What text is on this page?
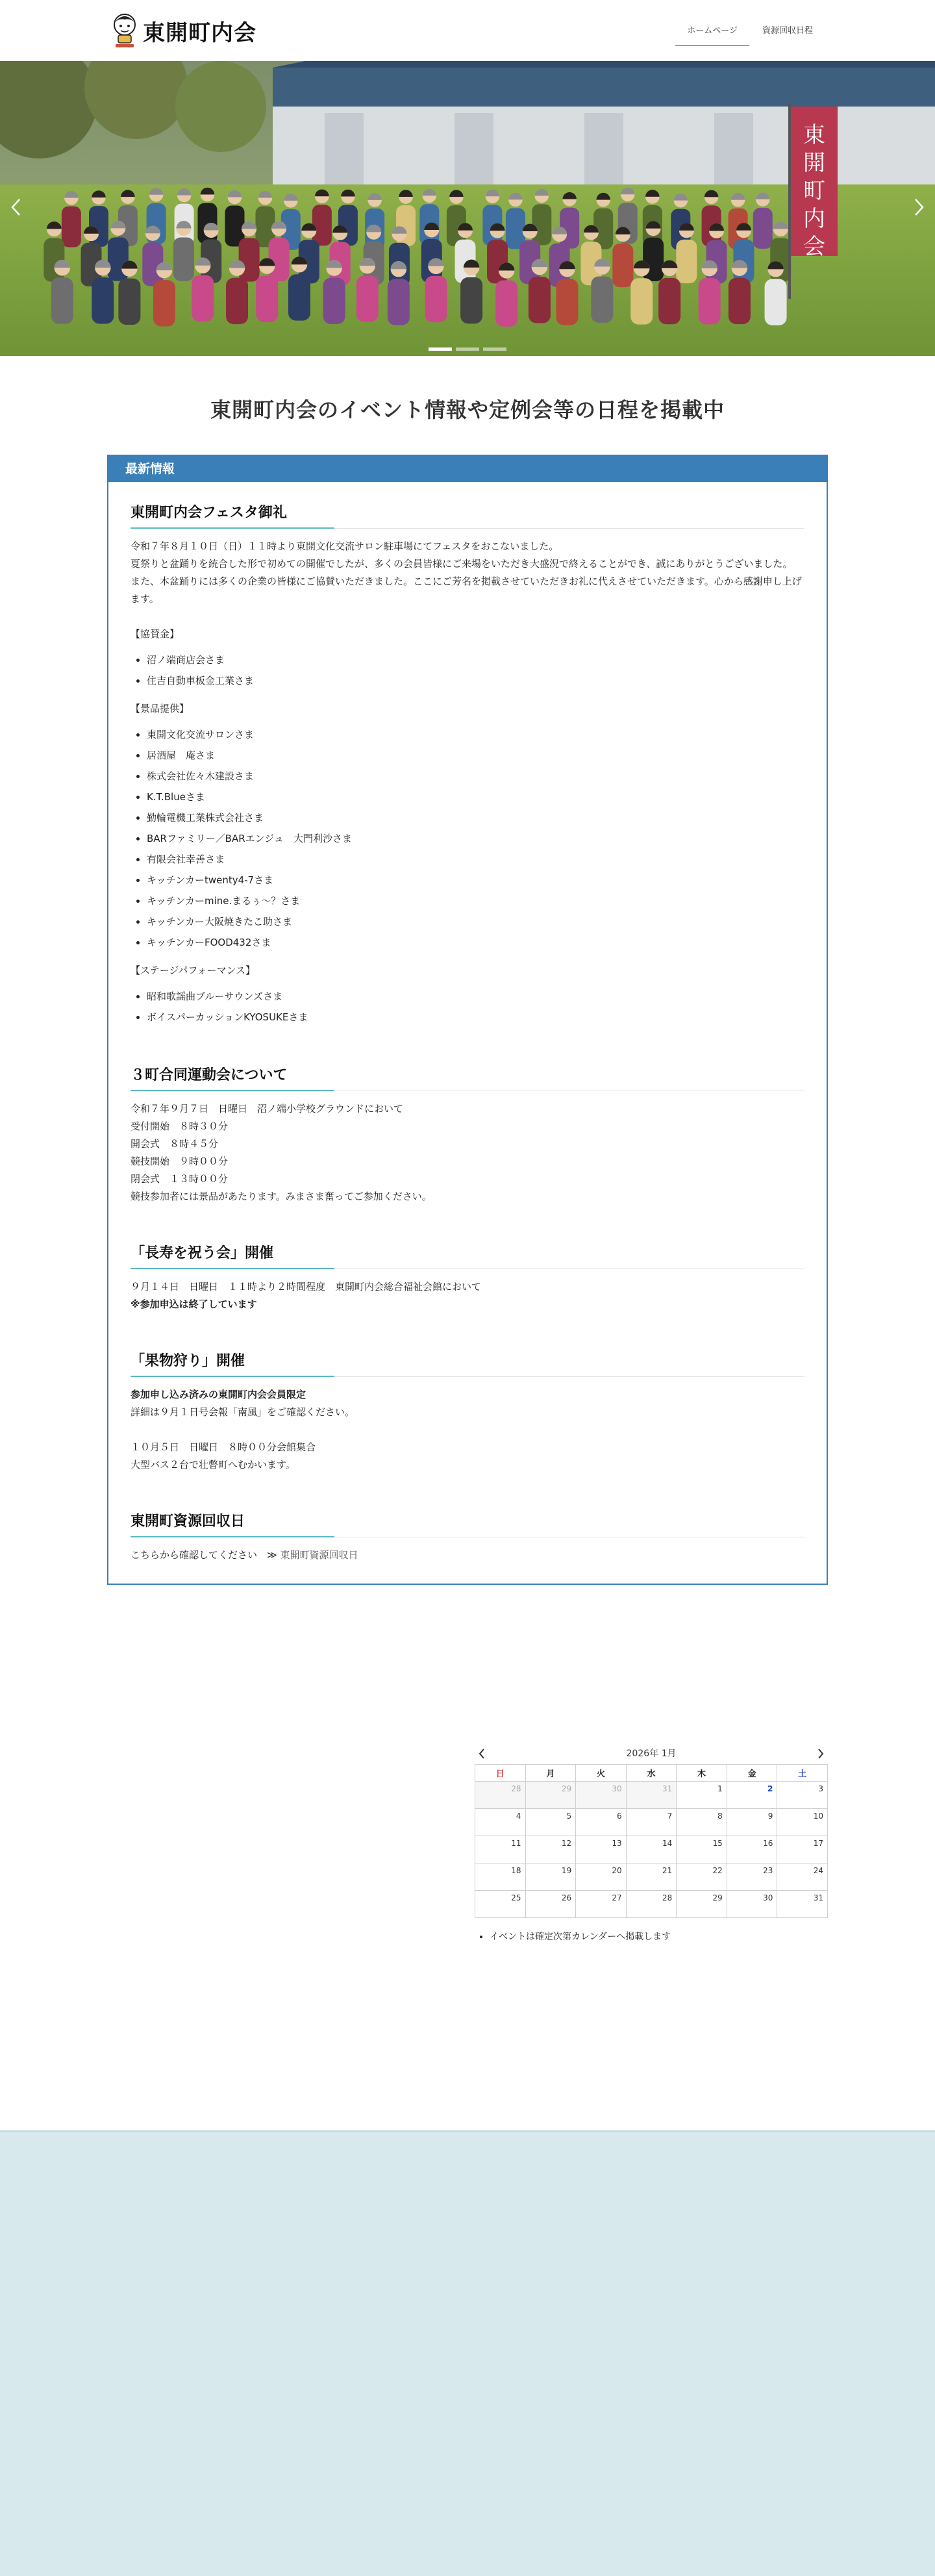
東開町内会	ホームページ	資源回収日程
東
開
町
内
会
東開町内会のイベント情報や定例会等の日程を掲載中
最新情報
東開町内会フェスタ御礼

令和７年８月１０日（日）１１時より東開文化交流サロン駐車場にてフェスタをおこないました。

夏祭りと盆踊りを統合した形で初めての開催でしたが、多くの会員皆様にご来場をいただき大盛況で終えることができ、誠にありがとうございました。

また、本盆踊りには多くの企業の皆様にご協賛いただきました。ここにご芳名を掲載させていただきお礼に代えさせていただきます。心から感謝申し上げます。

【協賛金】

• 沼ノ端商店会さま
• 住吉自動車板金工業さま

【景品提供】

• 東開文化交流サロンさま
• 居酒屋　庵さま
• 株式会社佐々木建設さま
• K.T.Blueさま
• 勤輪電機工業株式会社さま
• BARファミリー／BARエンジュ　大門利沙さま
• 有限会社幸善さま
• キッチンカーtwenty4-7さま
• キッチンカーmine.まるぅ〜？さま
• キッチンカー大阪焼きたこ助さま
• キッチンカーFOOD432さま

【ステージパフォーマンス】

• 昭和歌謡曲ブルーサウンズさま
• ボイスパーカッションKYOSUKEさま
３町合同運動会について

令和７年９月７日　日曜日　沼ノ端小学校グラウンドにおいて

受付開始　８時３０分

開会式　８時４５分

競技開始　９時００分

閉会式　１３時００分

競技参加者には景品があたります。みまさま奮ってご参加ください。

「長寿を祝う会」開催

９月１４日　日曜日　１１時より２時間程度　東開町内会総合福祉会館において

※参加申込は終了しています

「果物狩り」開催

参加申し込み済みの東開町内会会員限定

詳細は９月１日号会報「南風」をご確認ください。

１０月５日　日曜日　８時００分会館集合

大型バス２台で壮瞥町へむかいます。

東開町資源回収日

こちらから確認してください　≫ 東開町資源回収日

2026年 1月
日	月	火	水	木	金	土
28	29	30	31	1	2	3
4	5	6	7	8	9	10
11	12	13	14	15	16	17
18	19	20	21	22	23	24
25	26	27	28	29	30	31
• イベントは確定次第カレンダーへ掲載します
